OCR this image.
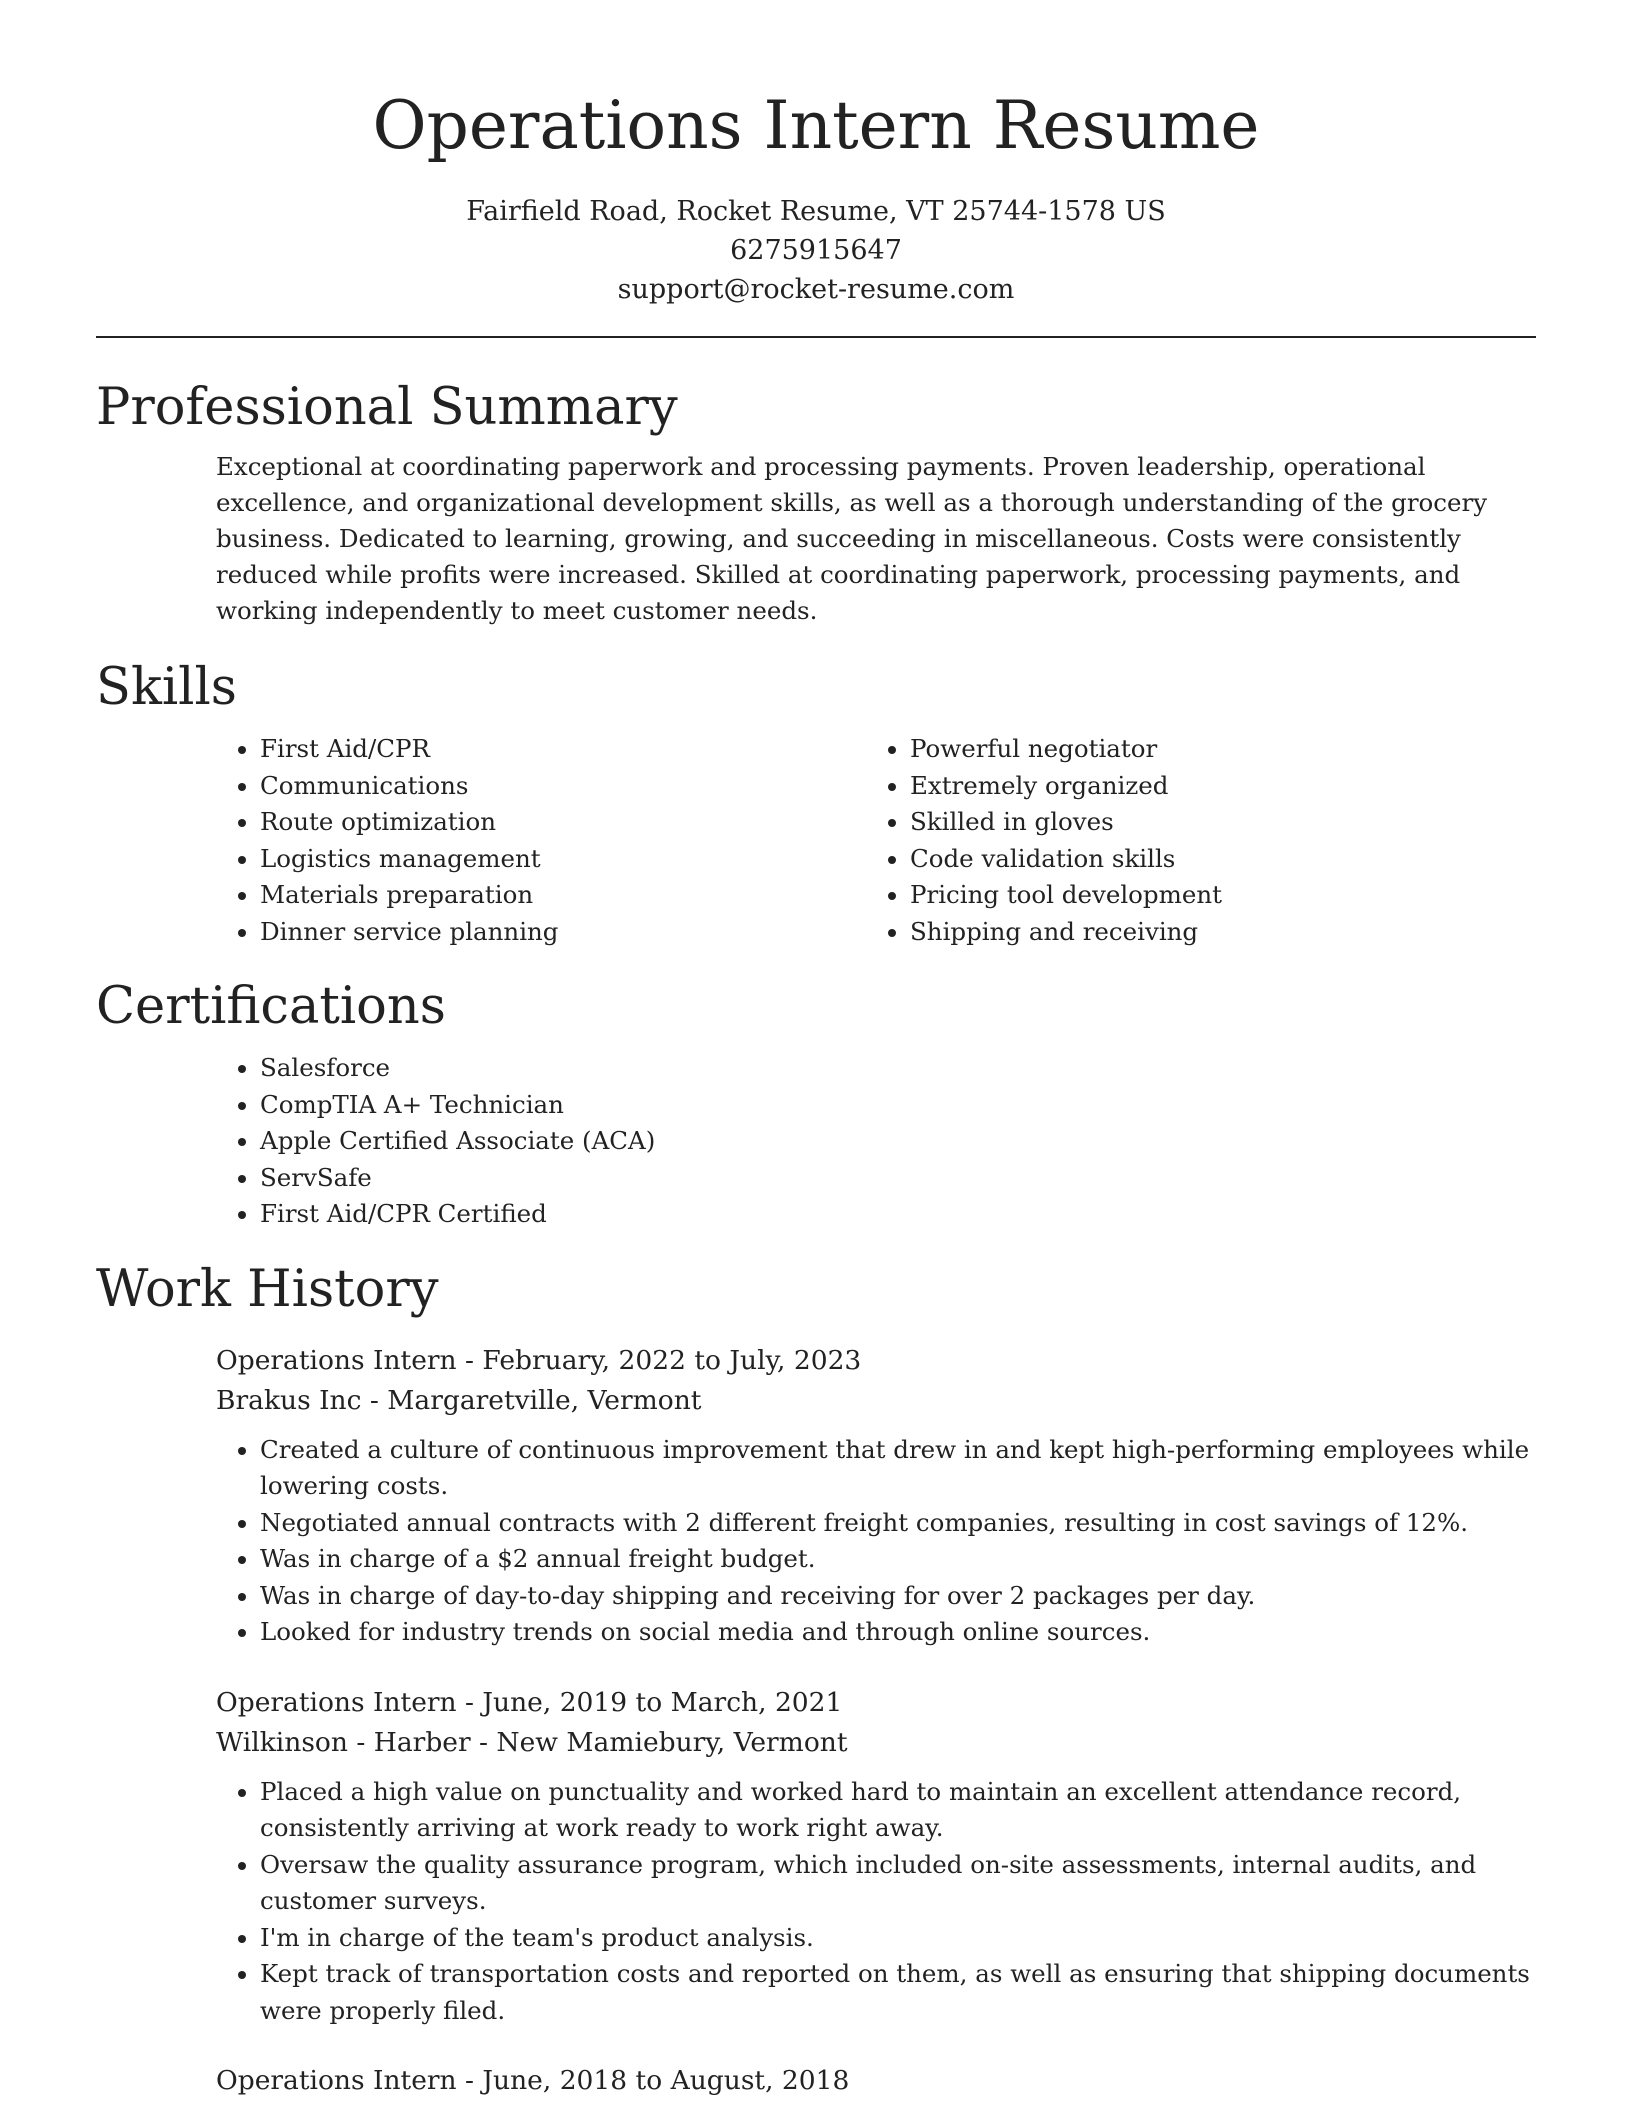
Operations Intern Resume
Fairfield Road, Rocket Resume, VT 25744-1578 US
6275915647
support@rocket-resume.com
Professional Summary

Exceptional at coordinating paperwork and processing payments. Proven leadership, operational excellence, and organizational development skills, as well as a thorough understanding of the grocery business. Dedicated to learning, growing, and succeeding in miscellaneous. Costs were consistently reduced while profits were increased. Skilled at coordinating paperwork, processing payments, and working independently to meet customer needs.

Skills
• First Aid/CPR
• Communications
• Route optimization
• Logistics management
• Materials preparation
• Dinner service planning
• Powerful negotiator
• Extremely organized
• Skilled in gloves
• Code validation skills
• Pricing tool development
• Shipping and receiving
Certifications
• Salesforce
• CompTIA A+ Technician
• Apple Certified Associate (ACA)
• ServSafe
• First Aid/CPR Certified
Work History
Operations Intern - February, 2022 to July, 2023
Brakus Inc - Margaretville, Vermont
• Created a culture of continuous improvement that drew in and kept high-performing employees while lowering costs.
• Negotiated annual contracts with 2 different freight companies, resulting in cost savings of 12%.
• Was in charge of a $2 annual freight budget.
• Was in charge of day-to-day shipping and receiving for over 2 packages per day.
• Looked for industry trends on social media and through online sources.
Operations Intern - June, 2019 to March, 2021
Wilkinson - Harber - New Mamiebury, Vermont
• Placed a high value on punctuality and worked hard to maintain an excellent attendance record, consistently arriving at work ready to work right away.
• Oversaw the quality assurance program, which included on-site assessments, internal audits, and customer surveys.
• I'm in charge of the team's product analysis.
• Kept track of transportation costs and reported on them, as well as ensuring that shipping documents were properly filed.
Operations Intern - June, 2018 to August, 2018
